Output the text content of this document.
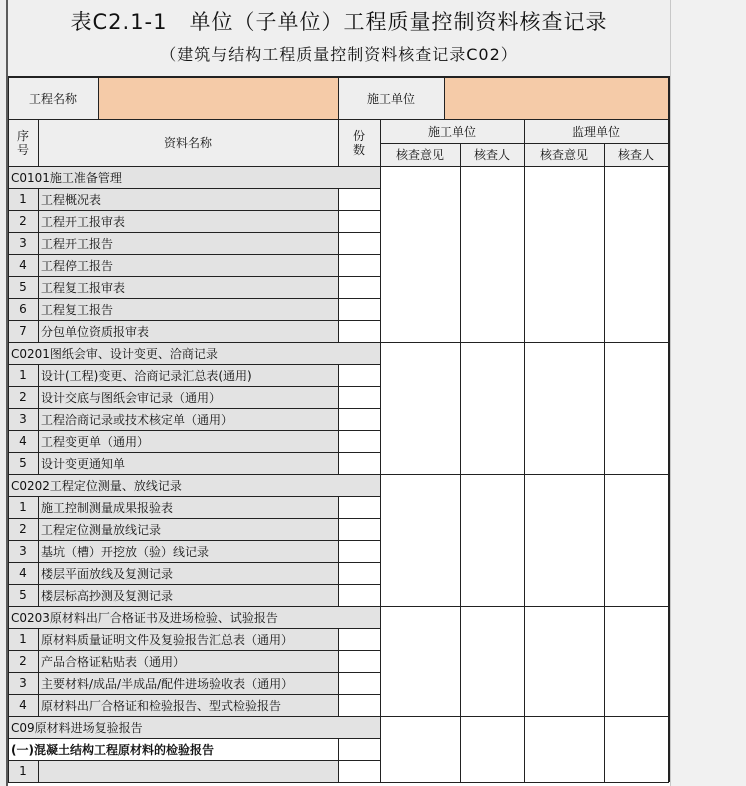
表C2.1-1　单位（子单位）工程质量控制资料核查记录
（建筑与结构工程质量控制资料核查记录C02）
工程名称	施工单位
序
号	资料名称
份
数
施工单位	监理单位
核查意见	核查人	核查意见	核查人
C0101施工准备管理
1	工程概况表
2	工程开工报审表
3	工程开工报告
4	工程停工报告
5	工程复工报审表
6	工程复工报告
7	分包单位资质报审表
C0201图纸会审、设计变更、洽商记录
1	设计(工程)变更、洽商记录汇总表(通用)
2	设计交底与图纸会审记录（通用）
3	工程洽商记录或技术核定单（通用）
4	工程变更单（通用）
5	设计变更通知单
C0202工程定位测量、放线记录
1	施工控制测量成果报验表
2	工程定位测量放线记录
3	基坑（槽）开挖放（验）线记录
4	楼层平面放线及复测记录
5	楼层标高抄测及复测记录
C0203原材料出厂合格证书及进场检验、试验报告
1	原材料质量证明文件及复验报告汇总表（通用）
2	产品合格证粘贴表（通用）
3	主要材料/成品/半成品/配件进场验收表（通用）
4	原材料出厂合格证和检验报告、型式检验报告
C09原材料进场复验报告
(一)混凝土结构工程原材料的检验报告
1
